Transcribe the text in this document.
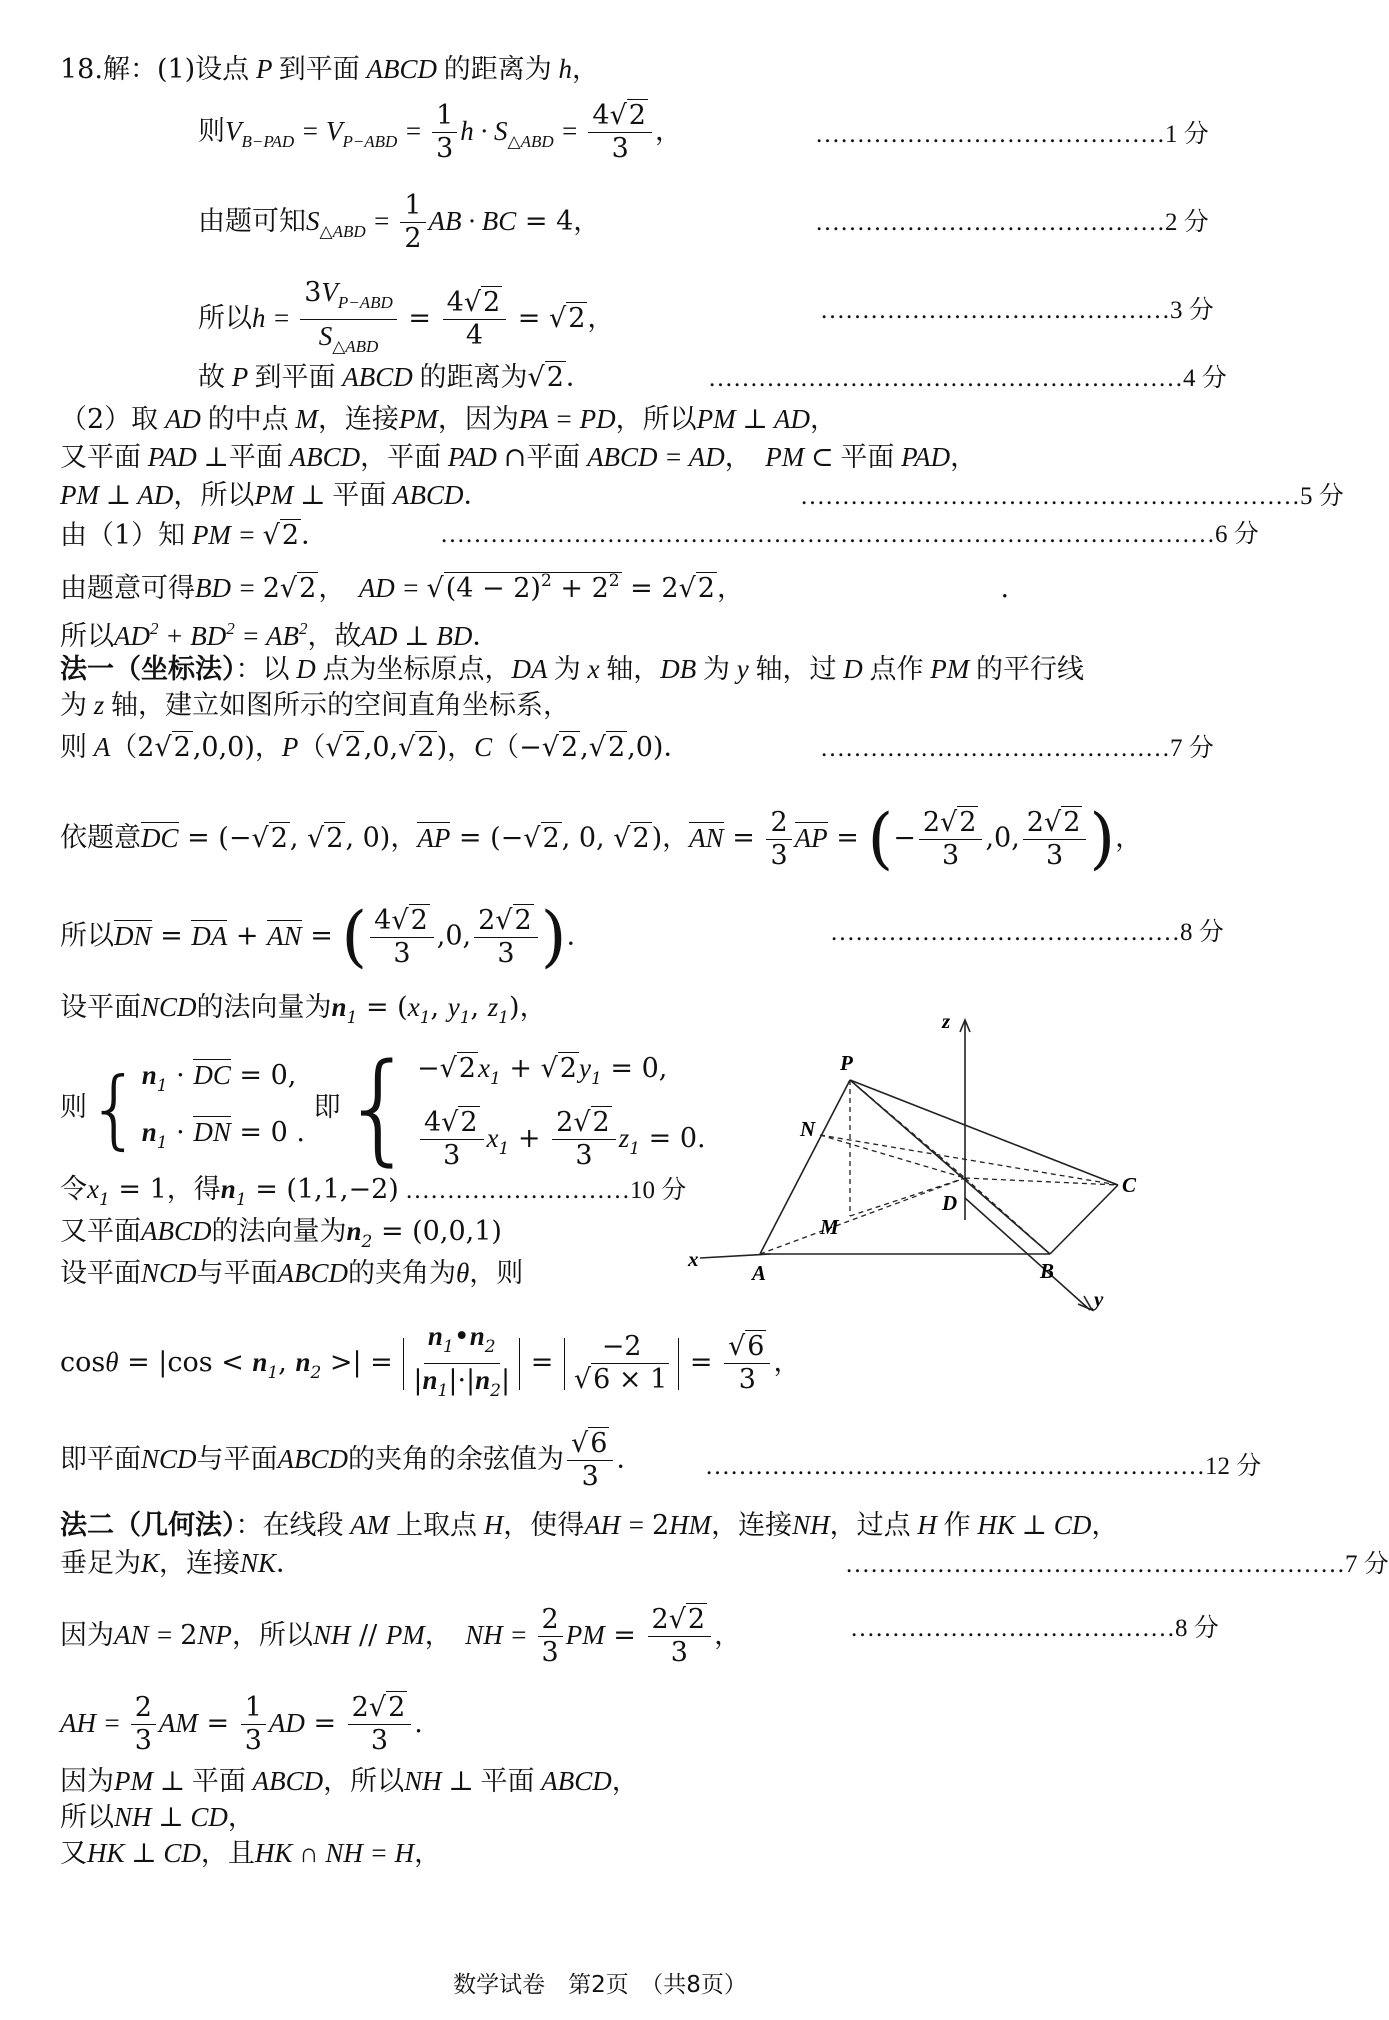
18.解：(1)设点 P 到平面 ABCD 的距离为 h，
则$V_{B-PAD} = V_{P-ABD} = \frac{1}{3}$ $h \cdot S_{\triangle ABD} = \frac{4√2}{3}$ ，	……………………………………1 分
由题可知$S_{\triangle ABD} = \frac{1}{2}$ AB · BC = 4，	……………………………………2 分
所以$h = \frac{3V_{P-ABD}}{S_{\triangle ABD}} = \frac{4√2}{4} = √2$，	……………………………………3 分
故 P 到平面 ABCD 的距离为√2．	…………………………………………………4 分
（2）取 AD 的中点 M，连接PM，因为PA = PD，所以PM ⊥ AD，
又平面 PAD ⊥平面 ABCD，平面 PAD ∩平面 ABCD = AD，　PM ⊂ 平面 PAD，
PM ⊥ AD，所以PM ⊥ 平面 ABCD．	……………………………………………………5 分
由（1）知 PM = √2．	…………………………………………………………………………………6 分
由题意可得BD = 2√2，　AD = $√(4 - 2)^2 + 2^2 = 2√2$，　　　　　　　　　　.
所以$AD^2 + BD^2 = AB^2$，故AD ⊥ BD．
法一（坐标法）：以 D 点为坐标原点，DA 为 x 轴，DB 为 y 轴，过 D 点作 PM 的平行线
为 z 轴，建立如图所示的空间直角坐标系，
则 A（2√2,0,0)，P（√2,0,√2)，C（−√2,√2,0)．	……………………………………7 分
依题意DC = (−√2, √2, 0)，AP = (−√2, 0, √2)，AN = $\frac{2}{3}$ AP = (− $\frac{2√2}{3} ,0$, $\frac{2√2}{3}$ )，
所以DN = DA + AN = ( $\frac{4√2}{3} ,0$, $\frac{2√2}{3}$ ).	……………………………………8 分
设平面NCD的法向量为$n_1 = (x_1$, $y_1$, $z_1$)，
则{ $n_1$ · DC = 0,
$n_1$ · DN = 0 .
即{ $-√2x_1 + √2y_1 = 0$,
$\frac{4√2}{3} x_1 + \frac{2√2}{3} z_1 = 0$.
令$x_1 = 1$，得$n_1 = (1,1,-2)$ ………………………10 分
又平面ABCD的法向量为$n_2 = (0,0,1)$
设平面NCD与平面ABCD的夹角为θ，则
$\cos\theta = |\cos < n_1$, $n_2$ >| = $\frac{n_1•n_2}{|n_1|\cdot|n_2|} = \frac{-2}{√6 \times 1} = \frac{√6}{3}$ ，
即平面NCD与平面ABCD的夹角的余弦值为 $\frac{√6}{3}$ ． ……………………………………………………12 分
法二（几何法）：在线段 AM 上取点 H，使得AH = 2HM，连接NH，过点 H 作 HK ⊥ CD，
垂足为K，连接NK．	……………………………………………………7 分
因为AN = 2NP，所以NH // PM，　NH = $\frac{2}{3}$ PM = $\frac{2√2}{3}$ ，	…………………………………8 分
AH = $\frac{2}{3}$ AM = $\frac{1}{3}$ AD = $\frac{2√2}{3}$ .
因为PM ⊥ 平面 ABCD，所以NH ⊥ 平面 ABCD，
所以NH ⊥ CD，
又HK ⊥ CD，且HK ∩ NH = H，
P
N
M
D
C
A	B
x
y
z
数学试卷　第2页　（共8页）
